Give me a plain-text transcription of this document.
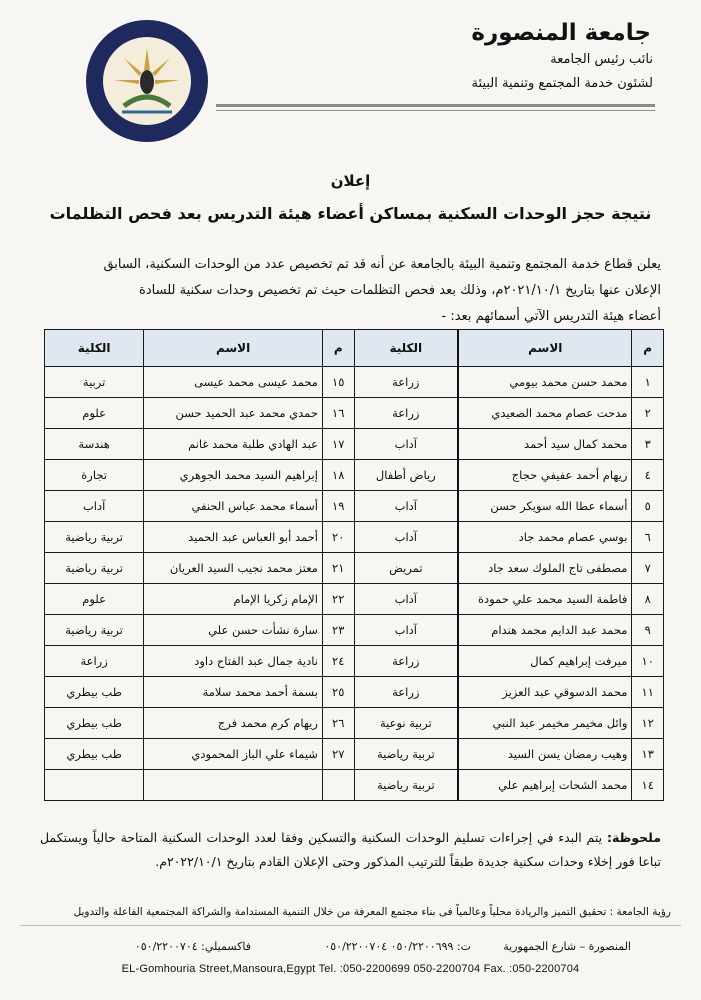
جامعة المنصورة
نائب رئيس الجامعة
لشئون خدمة المجتمع وتنمية البيئة
إعلان
نتيجة حجز الوحدات السكنية بمساكن أعضاء هيئة التدريس بعد فحص التظلمات
يعلن قطاع خدمة المجتمع وتنمية البيئة بالجامعة عن أنه قد تم تخصيص عدد من الوحدات السكنية، السابق
الإعلان عنها بتاريخ ٢٠٢١/١٠/١م، وذلك بعد فحص التظلمات حيث تم تخصيص وحدات سكنية للسادة
أعضاء هيئة التدريس الآتي أسمائهم بعد: -
م	الاسم	الكلية	م	الاسم	الكلية
١	محمد حسن محمد بيومي	زراعة	١٥	محمد عيسى محمد عيسى	تربية
٢	مدحت عصام محمد الصعيدي	زراعة	١٦	حمدي محمد عبد الحميد حسن	علوم
٣	محمد كمال سيد أحمد	آداب	١٧	عبد الهادي طلبة محمد غانم	هندسة
٤	ريهام أحمد عفيفي حجاج	رياض أطفال	١٨	إبراهيم السيد محمد الجوهري	تجارة
٥	أسماء عطا الله سويكر حسن	آداب	١٩	أسماء محمد عباس الحنفي	آداب
٦	بوسي عصام محمد جاد	آداب	٢٠	أحمد أبو العباس عبد الحميد	تربية رياضية
٧	مصطفى تاج الملوك سعد جاد	تمريض	٢١	معتز محمد نجيب السيد العريان	تربية رياضية
٨	فاطمة السيد محمد علي حمودة	آداب	٢٢	الإمام زكريا الإمام	علوم
٩	محمد عبد الدايم محمد هندام	آداب	٢٣	سارة نشأت حسن علي	تربية رياضية
١٠	ميرفت إبراهيم كمال	زراعة	٢٤	نادية جمال عبد الفتاح داود	زراعة
١١	محمد الدسوقي عبد العزيز	زراعة	٢٥	بسمة أحمد محمد سلامة	طب بيطري
١٢	وائل مخيمر مخيمر عبد النبي	تربية نوعية	٢٦	ريهام كرم محمد فرج	طب بيطري
١٣	وهيب رمضان يسن السيد	تربية رياضية	٢٧	شيماء علي الباز المحمودي	طب بيطري
١٤	محمد الشحات إبراهيم علي	تربية رياضية			
ملحوظة: يتم البدء في إجراءات تسليم الوحدات السكنية والتسكين وفقا لعدد الوحدات السكنية المتاحة حالياً ويستكمل تباعا فور إخلاء وحدات سكنية جديدة طبقاً للترتيب المذكور وحتى الإعلان القادم بتاريخ ٢٠٢٢/١٠/١م.
رؤية الجامعة : تحقيق التميز والريادة محلياً وعالمياً فى بناء مجتمع المعرفة من خلال التنمية المستدامة والشراكة المجتمعية الفاعلة والتدويل
المنصورة – شارع الجمهورية
ت: ٠٥٠/٢٢٠٠٦٩٩ ٠٥٠/٢٢٠٠٧٠٤
فاكسميلي: ٠٥٠/٢٢٠٠٧٠٤
EL-Gomhouria Street,Mansoura,Egypt Tel. :050-2200699 050-2200704 Fax. :050-2200704
